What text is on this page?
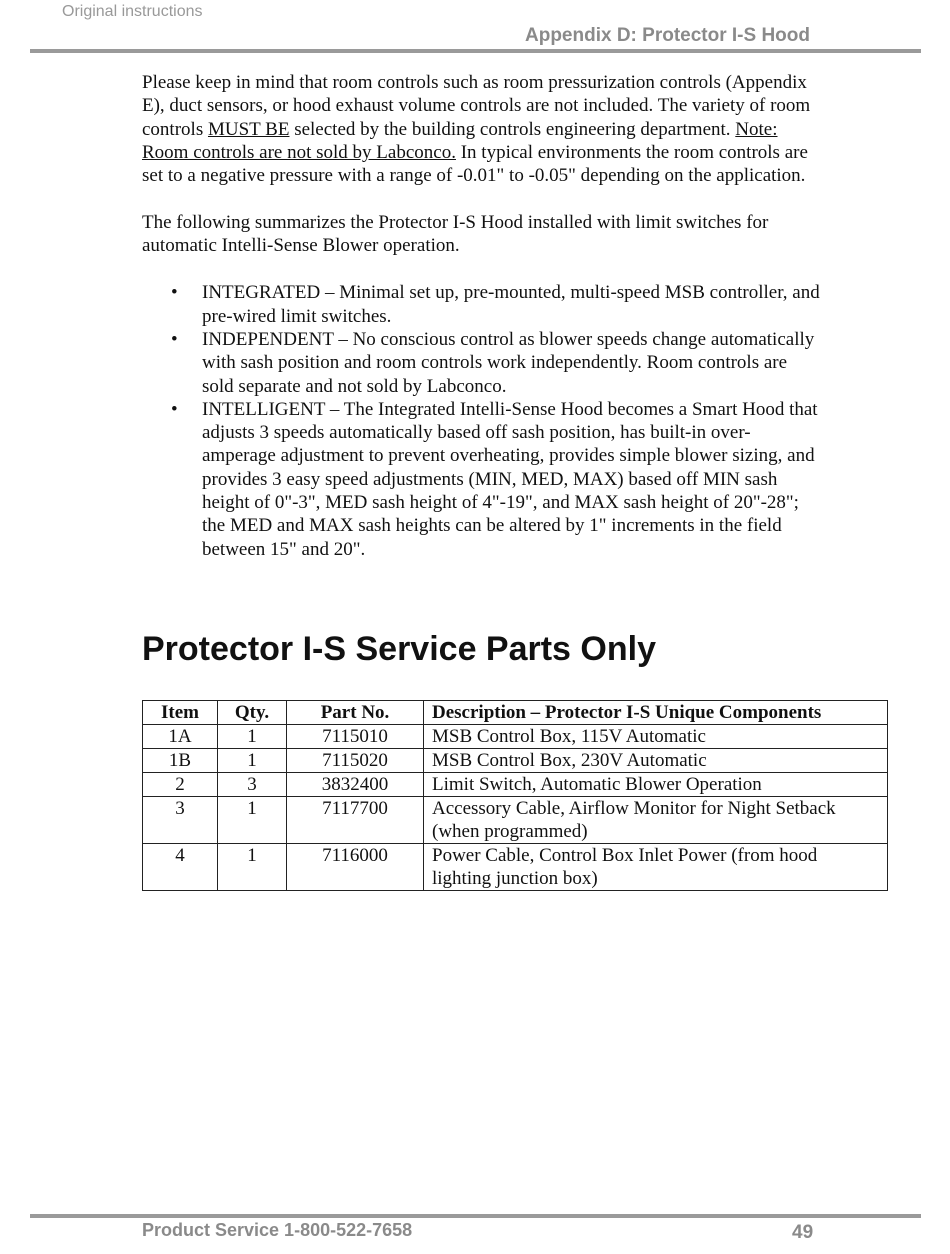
Original instructions
Appendix D: Protector I-S Hood

Please keep in mind that room controls such as room pressurization controls (Appendix E), duct sensors, or hood exhaust volume controls are not included. The variety of room controls MUST BE selected by the building controls engineering department. Note: Room controls are not sold by Labconco. In typical environments the room controls are set to a negative pressure with a range of -0.01" to -0.05" depending on the application.

The following summarizes the Protector I-S Hood installed with limit switches for automatic Intelli-Sense Blower operation.

• INTEGRATED – Minimal set up, pre-mounted, multi-speed MSB controller, and pre-wired limit switches.
• INDEPENDENT – No conscious control as blower speeds change automatically with sash position and room controls work independently. Room controls are sold separate and not sold by Labconco.
• INTELLIGENT – The Integrated Intelli-Sense Hood becomes a Smart Hood that adjusts 3 speeds automatically based off sash position, has built-in over-amperage adjustment to prevent overheating, provides simple blower sizing, and provides 3 easy speed adjustments (MIN, MED, MAX) based off MIN sash height of 0"-3", MED sash height of 4"-19", and MAX sash height of 20"-28"; the MED and MAX sash heights can be altered by 1" increments in the field between 15" and 20".
Protector I-S Service Parts Only
Item	Qty.	Part No.	Description – Protector I-S Unique Components
1A	1	7115010	MSB Control Box, 115V Automatic
1B	1	7115020	MSB Control Box, 230V Automatic
2	3	3832400	Limit Switch, Automatic Blower Operation
3	1	7117700	Accessory Cable, Airflow Monitor for Night Setback (when programmed)
4	1	7116000	Power Cable, Control Box Inlet Power (from hood lighting junction box)
Product Service 1-800-522-7658	49
